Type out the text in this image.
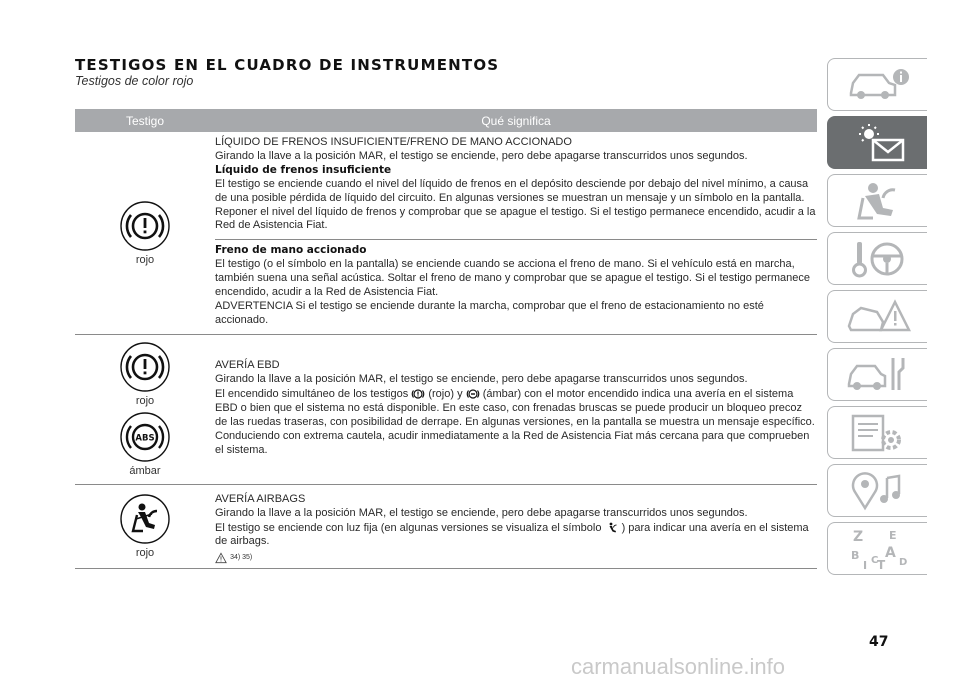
TESTIGOS EN EL CUADRO DE INSTRUMENTOS
Testigos de color rojo
Testigo	Qué significa
rojo
LÍQUIDO DE FRENOS INSUFICIENTE/FRENO DE MANO ACCIONADO
Girando la llave a la posición MAR, el testigo se enciende, pero debe apagarse transcurridos unos segundos.
Líquido de frenos insuficiente
El testigo se enciende cuando el nivel del líquido de frenos en el depósito desciende por debajo del nivel mínimo, a causa de una posible pérdida de líquido del circuito. En algunas versiones se muestran un mensaje y un símbolo en la pantalla. Reponer el nivel del líquido de frenos y comprobar que se apague el testigo. Si el testigo permanece encendido, acudir a la Red de Asistencia Fiat.
Freno de mano accionado
El testigo (o el símbolo en la pantalla) se enciende cuando se acciona el freno de mano. Si el vehículo está en marcha, también suena una señal acústica. Soltar el freno de mano y comprobar que se apague el testigo. Si el testigo permanece encendido, acudir a la Red de Asistencia Fiat.
ADVERTENCIA Si el testigo se enciende durante la marcha, comprobar que el freno de estacionamiento no esté accionado.
rojo
ABS
ámbar
AVERÍA EBD
Girando la llave a la posición MAR, el testigo se enciende, pero debe apagarse transcurridos unos segundos.
El encendido simultáneo de los testigos (rojo) y (ámbar) con el motor encendido indica una avería en el sistema EBD o bien que el sistema no está disponible. En este caso, con frenadas bruscas se puede producir un bloqueo precoz de las ruedas traseras, con posibilidad de derrape. En algunas versiones, en la pantalla se muestra un mensaje específico. Conduciendo con extrema cautela, acudir inmediatamente a la Red de Asistencia Fiat más cercana para que comprueben el sistema.
rojo
AVERÍA AIRBAGS
Girando la llave a la posición MAR, el testigo se enciende, pero debe apagarse transcurridos unos segundos.
El testigo se enciende con luz fija (en algunas versiones se visualiza el símbolo ) para indicar una avería en el sistema de airbags.
34) 35)
Z E
B A
I C
T D
47
carmanualsonline.info
